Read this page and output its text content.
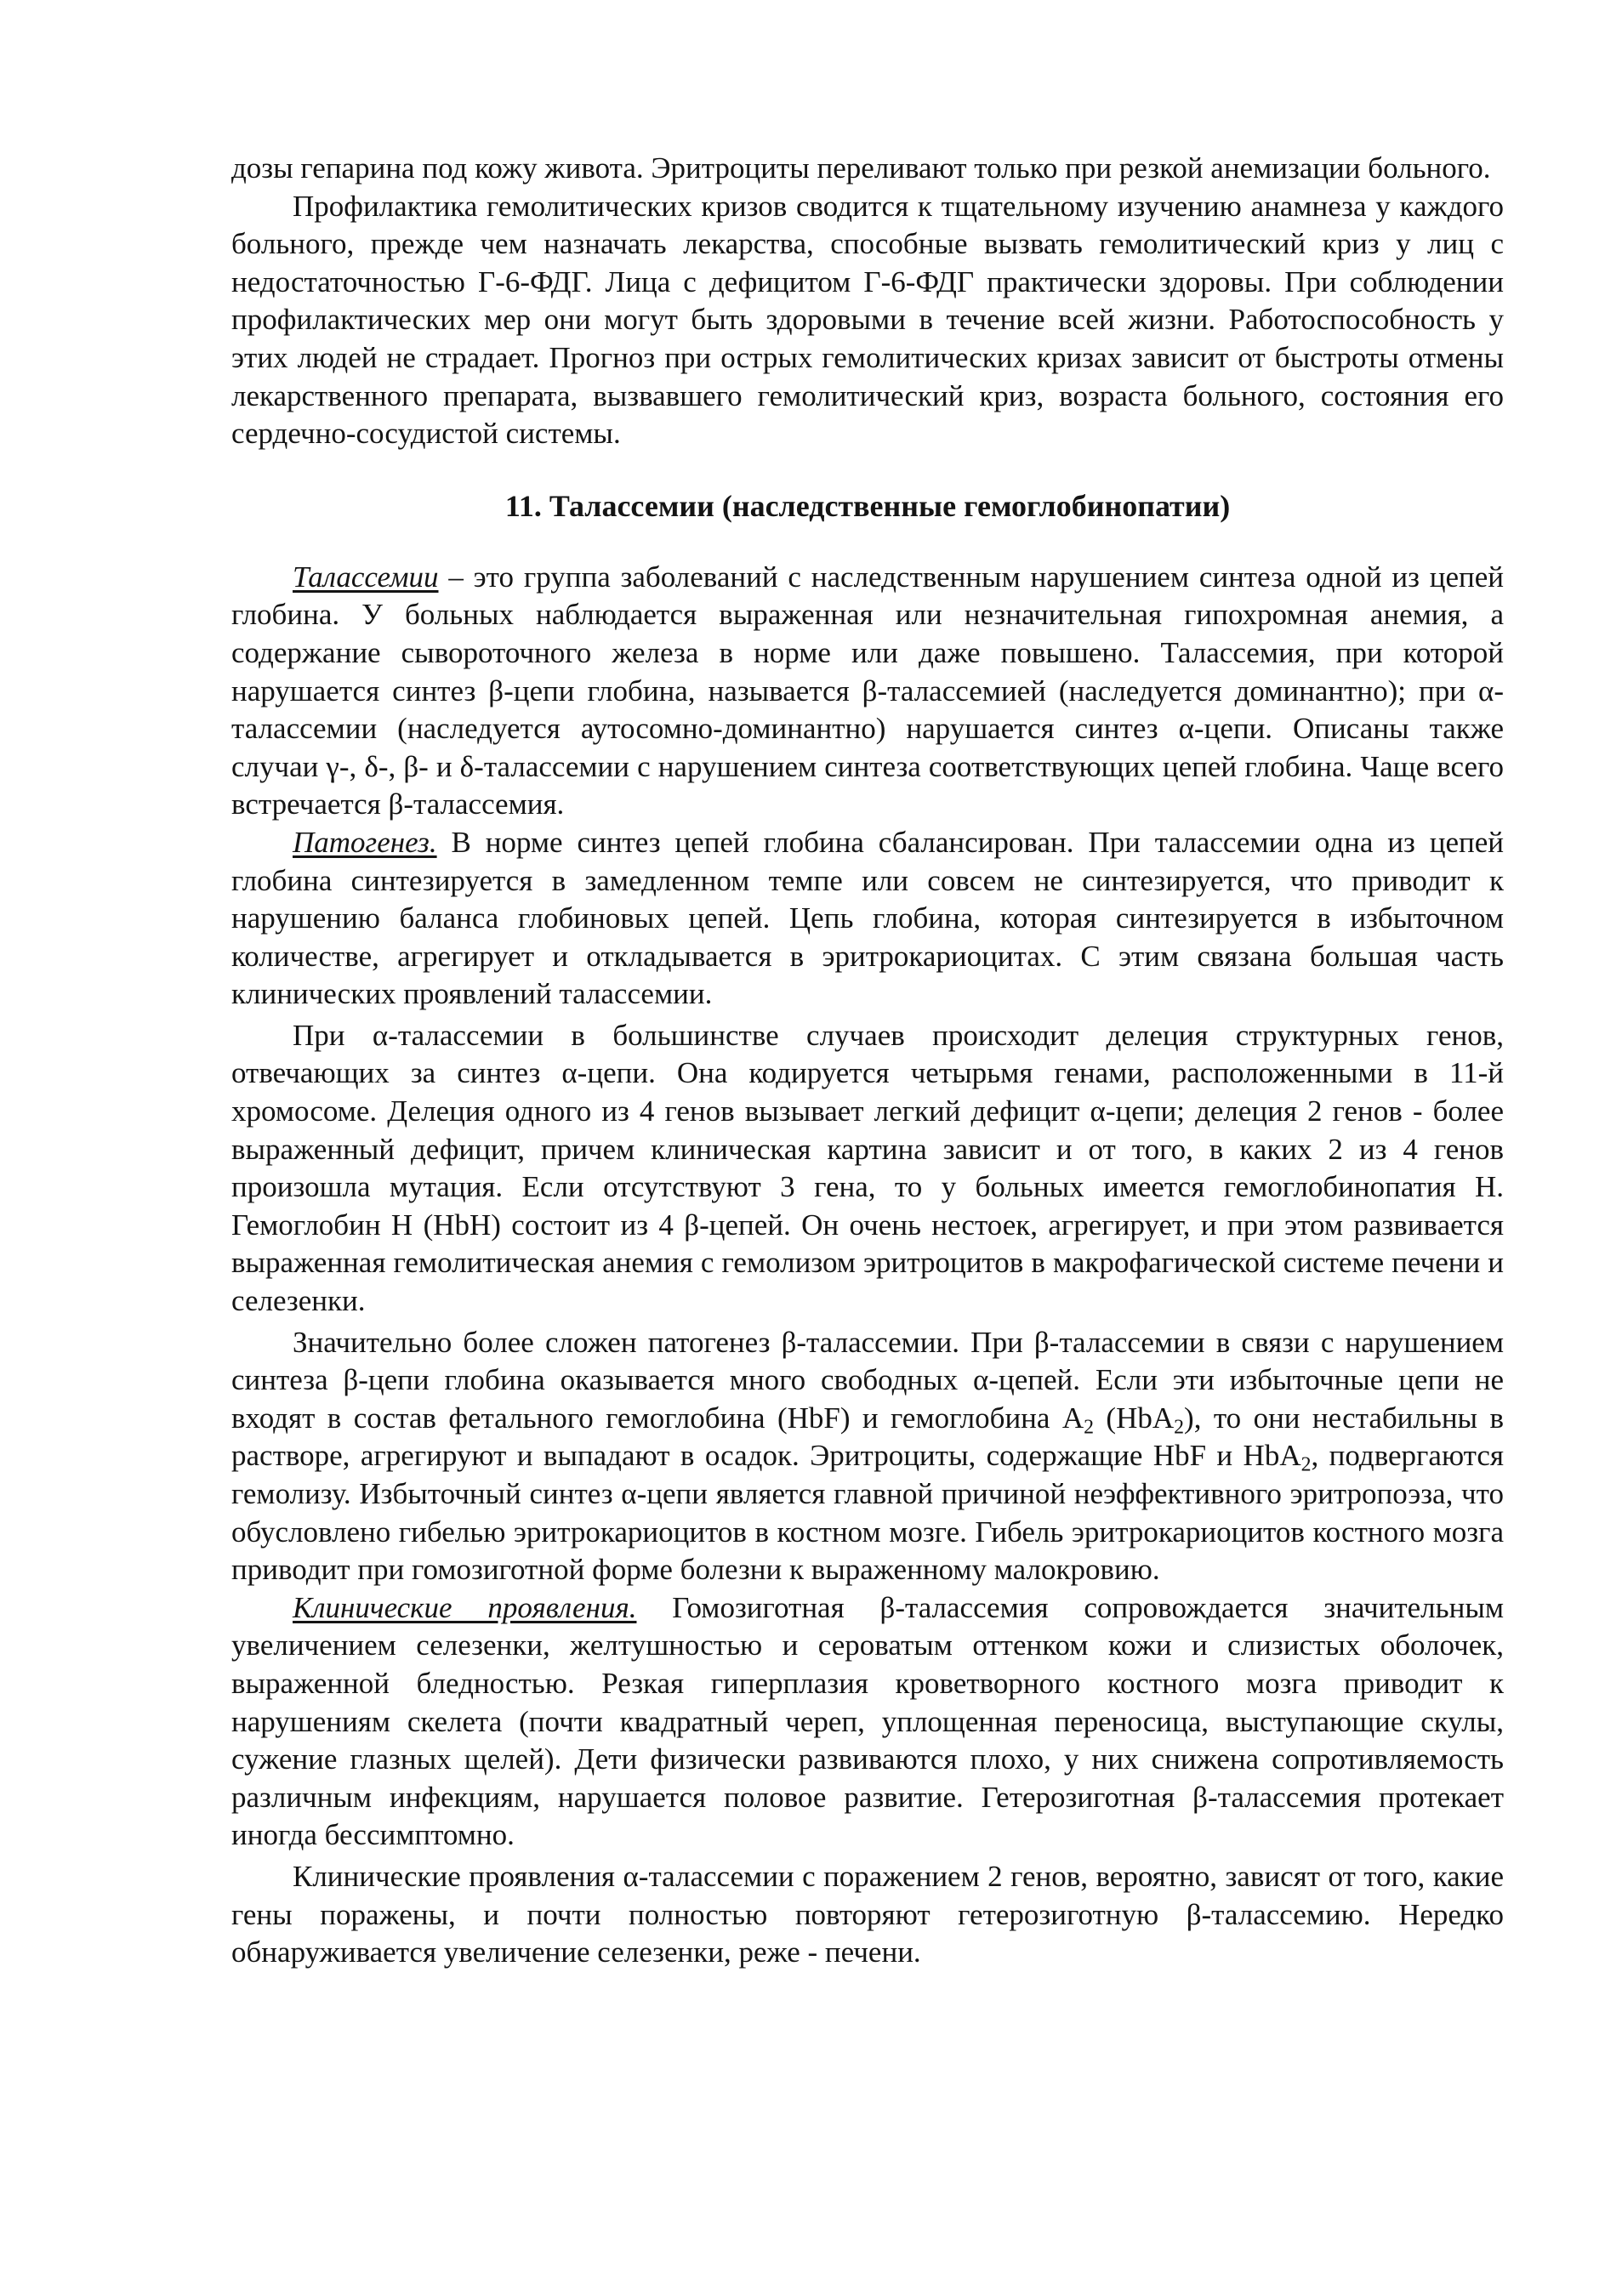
дозы гепарина под кожу живота. Эритроциты переливают только при резкой анемизации больного.

Профилактика гемолитических кризов сводится к тщательному изучению анамнеза у каждого больного, прежде чем назначать лекарства, способные вызвать гемолитический криз у лиц с недостаточностью Г-6-ФДГ. Лица с дефицитом Г-6-ФДГ практически здоровы. При соблюдении профилактических мер они могут быть здоровыми в течение всей жизни. Работоспособность у этих людей не страдает. Прогноз при острых гемолитических кризах зависит от быстроты отмены лекарственного препарата, вызвавшего гемолитический криз, возраста больного, состояния его сердечно-сосудистой системы.

11. Талассемии (наследственные гемоглобинопатии)

Талассемии – это группа заболеваний с наследственным нарушением синтеза одной из цепей глобина. У больных наблюдается выраженная или незначительная гипохромная анемия, а содержание сывороточного железа в норме или даже повышено. Талассемия, при которой нарушается синтез β-цепи глобина, называется β-талассемией (наследуется доминантно); при α-талассемии (наследуется аутосомно-доминантно) нарушается синтез α-цепи. Описаны также случаи γ-, δ-, β- и δ-талассемии с нарушением синтеза соответствующих цепей глобина. Чаще всего встречается β-талассемия.

Патогенез. В норме синтез цепей глобина сбалансирован. При талассемии одна из цепей глобина синтезируется в замедленном темпе или совсем не синтезируется, что приводит к нарушению баланса глобиновых цепей. Цепь глобина, которая синтезируется в избыточном количестве, агрегирует и откладывается в эритрокариоцитах. С этим связана большая часть клинических проявлений талассемии.

При α-талассемии в большинстве случаев происходит делеция структурных генов, отвечающих за синтез α-цепи. Она кодируется четырьмя генами, расположенными в 11-й хромосоме. Делеция одного из 4 генов вызывает легкий дефицит α-цепи; делеция 2 генов - более выраженный дефицит, причем клиническая картина зависит и от того, в каких 2 из 4 генов произошла мутация. Если отсутствуют 3 гена, то у больных имеется гемоглобинопатия Н. Гемоглобин Н (НbН) состоит из 4 β-цепей. Он очень нестоек, агрегирует, и при этом развивается выраженная гемолитическая анемия с гемолизом эритроцитов в макрофагической системе печени и селезенки.

Значительно более сложен патогенез β-талассемии. При β-талассемии в связи с нарушением синтеза β-цепи глобина оказывается много свободных α-цепей. Если эти избыточные цепи не входят в состав фетального гемоглобина (HbF) и гемоглобина $А_2$ (HbA$_2$), то они нестабильны в растворе, агрегируют и выпадают в осадок. Эритроциты, содержащие HbF и HbA$_2$, подвергаются гемолизу. Избыточный синтез α-цепи является главной причиной неэффективного эритропоэза, что обусловлено гибелью эритрокариоцитов в костном мозге. Гибель эритрокариоцитов костного мозга приводит при гомозиготной форме болезни к выраженному малокровию.

Клинические проявления. Гомозиготная β-талассемия сопровождается значительным увеличением селезенки, желтушностью и сероватым оттенком кожи и слизистых оболочек, выраженной бледностью. Резкая гиперплазия кроветворного костного мозга приводит к нарушениям скелета (почти квадратный череп, уплощенная переносица, выступающие скулы, сужение глазных щелей). Дети физически развиваются плохо, у них снижена сопротивляемость различным инфекциям, нарушается половое развитие. Гетерозиготная β-талассемия протекает иногда бессимптомно.

Клинические проявления α-талассемии с поражением 2 генов, вероятно, зависят от того, какие гены поражены, и почти полностью повторяют гетерозиготную β-талассемию. Нередко обнаруживается увеличение селезенки, реже - печени.
